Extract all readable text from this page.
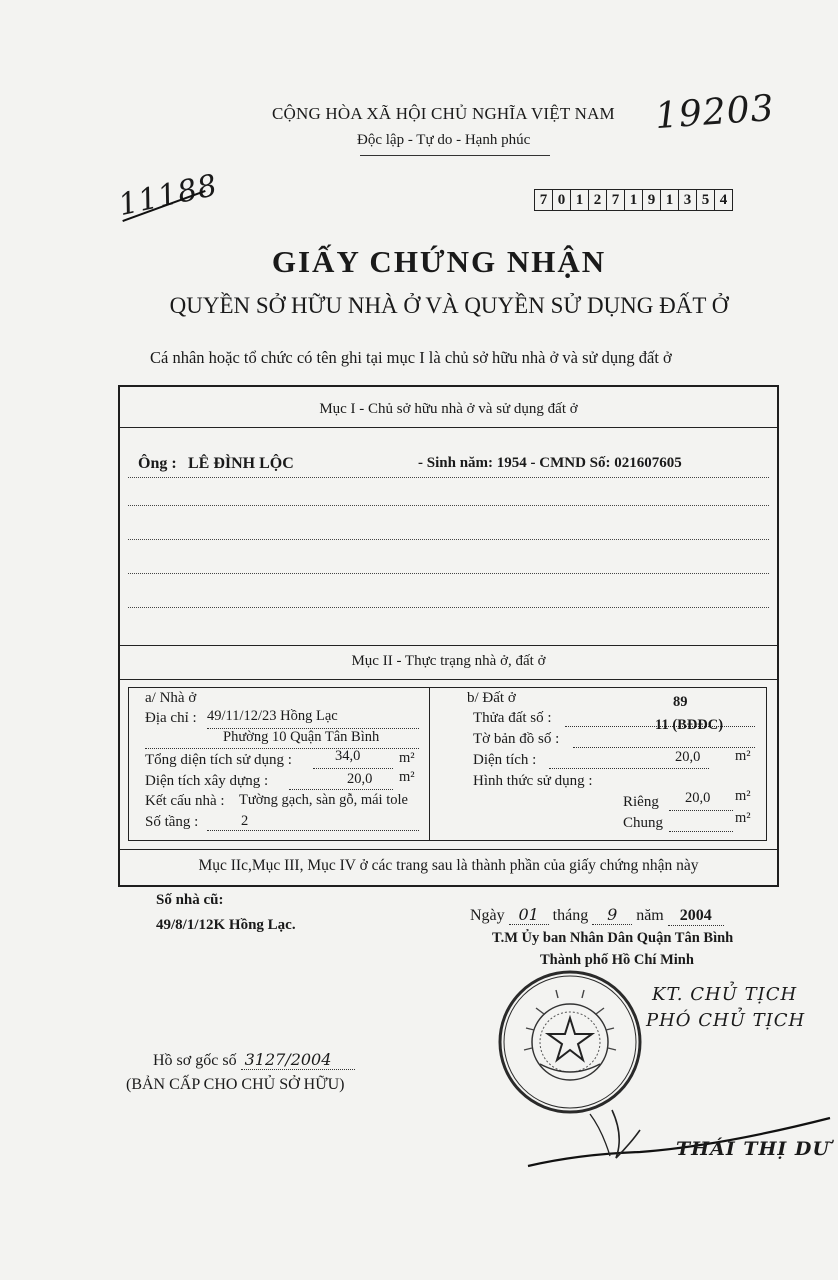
CỘNG HÒA XÃ HỘI CHỦ NGHĨA VIỆT NAM
Độc lập - Tự do - Hạnh phúc
19203
11188	7 0 1 2 7 1 9 1 3 5 4
GIẤY CHỨNG NHẬN
QUYỀN SỞ HỮU NHÀ Ở VÀ QUYỀN SỬ DỤNG ĐẤT Ở
Cá nhân hoặc tổ chức có tên ghi tại mục I là chủ sở hữu nhà ở và sử dụng đất ở
Mục I - Chủ sở hữu nhà ở và sử dụng đất ở
Ông : LÊ ĐÌNH LỘC	- Sinh năm: 1954 - CMND Số: 021607605
Mục II - Thực trạng nhà ở, đất ở
a/ Nhà ở
Địa chỉ : 49/11/12/23 Hồng Lạc
Phường 10 Quận Tân Bình
Tổng diện tích sử dụng :	34,0	m²
Diện tích xây dựng :	20,0 m²
Kết cấu nhà : Tường gạch, sàn gỗ, mái tole
Số tầng :	2
b/ Đất ở
Thửa đất số :
89
Tờ bản đồ số :
11 (BĐĐC)
Diện tích :	20,0 m²
Hình thức sử dụng :
Riêng 20,0 m²
Chung	m²
Mục IIc,Mục III, Mục IV ở các trang sau là thành phần của giấy chứng nhận này
Số nhà cũ:
49/8/1/12K Hồng Lạc.
Ngày 01 tháng 9 năm 2004
T.M Ủy ban Nhân Dân Quận Tân Bình
Thành phố Hồ Chí Minh
KT. CHỦ TỊCH
PHÓ CHỦ TỊCH
THÁI THỊ DƯ
Hồ sơ gốc số 3127/2004
(BẢN CẤP CHO CHỦ SỞ HỮU)
